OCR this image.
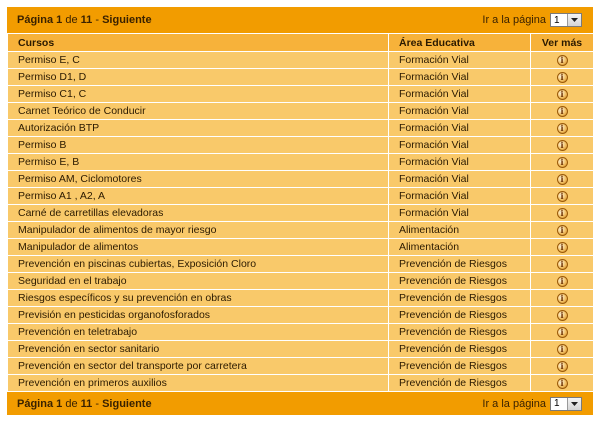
Página 1 de 11 - Siguiente	Ir a la página 1
Cursos	Área Educativa	Ver más
Permiso E, C	Formación Vial	i
Permiso D1, D	Formación Vial	i
Permiso C1, C	Formación Vial	i
Carnet Teórico de Conducir	Formación Vial	i
Autorización BTP	Formación Vial	i
Permiso B	Formación Vial	i
Permiso E, B	Formación Vial	i
Permiso AM, Ciclomotores	Formación Vial	i
Permiso A1 , A2, A	Formación Vial	i
Carné de carretillas elevadoras	Formación Vial	i
Manipulador de alimentos de mayor riesgo	Alimentación	i
Manipulador de alimentos	Alimentación	i
Prevención en piscinas cubiertas, Exposición Cloro	Prevención de Riesgos	i
Seguridad en el trabajo	Prevención de Riesgos	i
Riesgos específicos y su prevención en obras	Prevención de Riesgos	i
Previsión en pesticidas organofosforados	Prevención de Riesgos	i
Prevención en teletrabajo	Prevención de Riesgos	i
Prevención en sector sanitario	Prevención de Riesgos	i
Prevención en sector del transporte por carretera	Prevención de Riesgos	i
Prevención en primeros auxilios	Prevención de Riesgos	i
Página 1 de 11 - Siguiente	Ir a la página 1
